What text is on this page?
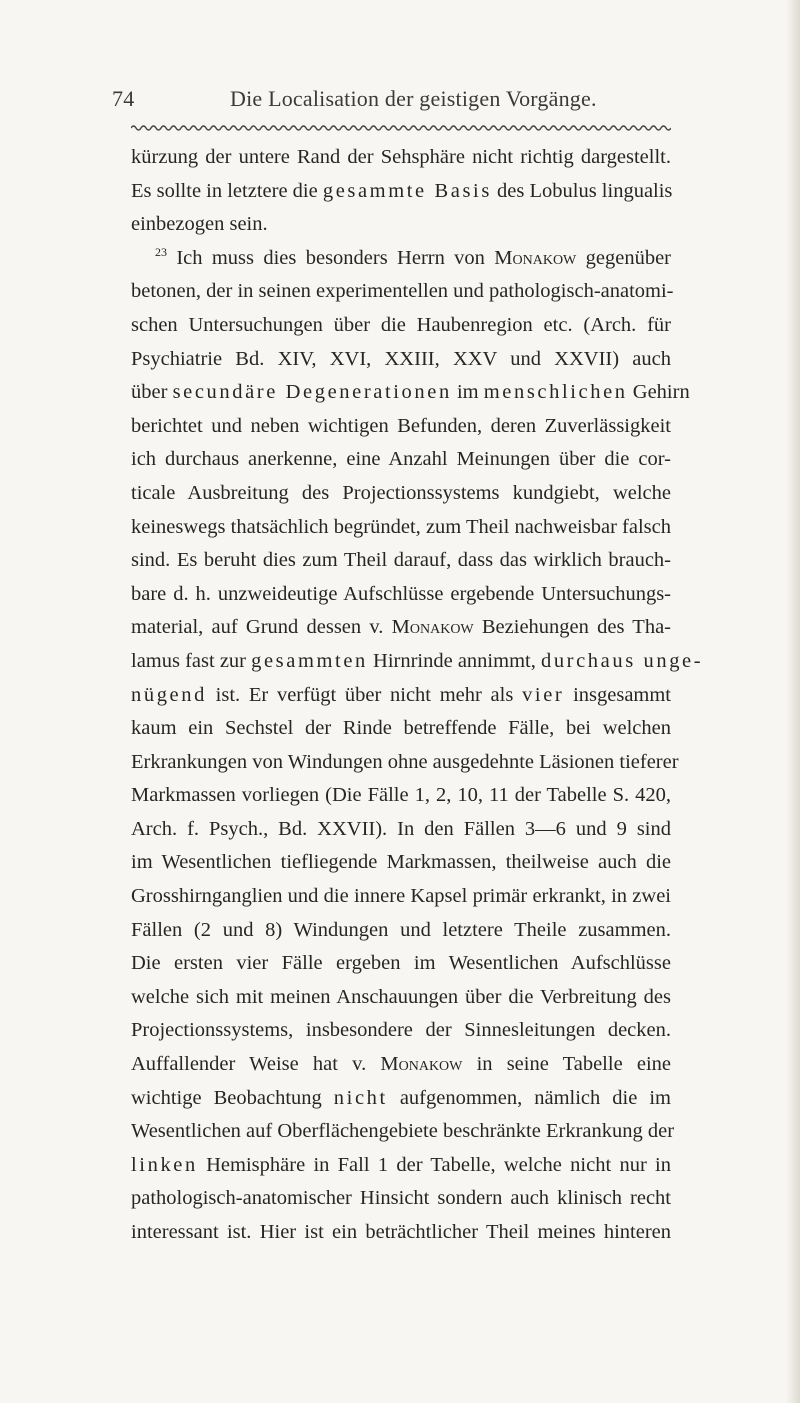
74	Die Localisation der geistigen Vorgänge.
kürzung der untere Rand der Sehsphäre nicht richtig dargestellt.
Es sollte in letztere die gesammte Basis des Lobulus lingualis
einbezogen sein.
$^{23}$ Ich muss dies besonders Herrn von Monakow gegenüber
betonen, der in seinen experimentellen und pathologisch-anatomi-
schen Untersuchungen über die Haubenregion etc. (Arch. für
Psychiatrie Bd. XIV, XVI, XXIII, XXV und XXVII) auch
über secundäre Degenerationen im menschlichen Gehirn
berichtet und neben wichtigen Befunden, deren Zuverlässigkeit
ich durchaus anerkenne, eine Anzahl Meinungen über die cor-
ticale Ausbreitung des Projectionssystems kundgiebt, welche
keineswegs thatsächlich begründet, zum Theil nachweisbar falsch
sind. Es beruht dies zum Theil darauf, dass das wirklich brauch-
bare d. h. unzweideutige Aufschlüsse ergebende Untersuchungs-
material, auf Grund dessen v. Monakow Beziehungen des Tha-
lamus fast zur gesammten Hirnrinde annimmt, durchaus unge-
nügend ist. Er verfügt über nicht mehr als vier insgesammt
kaum ein Sechstel der Rinde betreffende Fälle, bei welchen
Erkrankungen von Windungen ohne ausgedehnte Läsionen tieferer
Markmassen vorliegen (Die Fälle 1, 2, 10, 11 der Tabelle S. 420,
Arch. f. Psych., Bd. XXVII). In den Fällen 3—6 und 9 sind
im Wesentlichen tiefliegende Markmassen, theilweise auch die
Grosshirnganglien und die innere Kapsel primär erkrankt, in zwei
Fällen (2 und 8) Windungen und letztere Theile zusammen.
Die ersten vier Fälle ergeben im Wesentlichen Aufschlüsse
welche sich mit meinen Anschauungen über die Verbreitung des
Projectionssystems, insbesondere der Sinnesleitungen decken.
Auffallender Weise hat v. Monakow in seine Tabelle eine
wichtige Beobachtung nicht aufgenommen, nämlich die im
Wesentlichen auf Oberflächengebiete beschränkte Erkrankung der
linken Hemisphäre in Fall 1 der Tabelle, welche nicht nur in
pathologisch-anatomischer Hinsicht sondern auch klinisch recht
interessant ist. Hier ist ein beträchtlicher Theil meines hinteren
